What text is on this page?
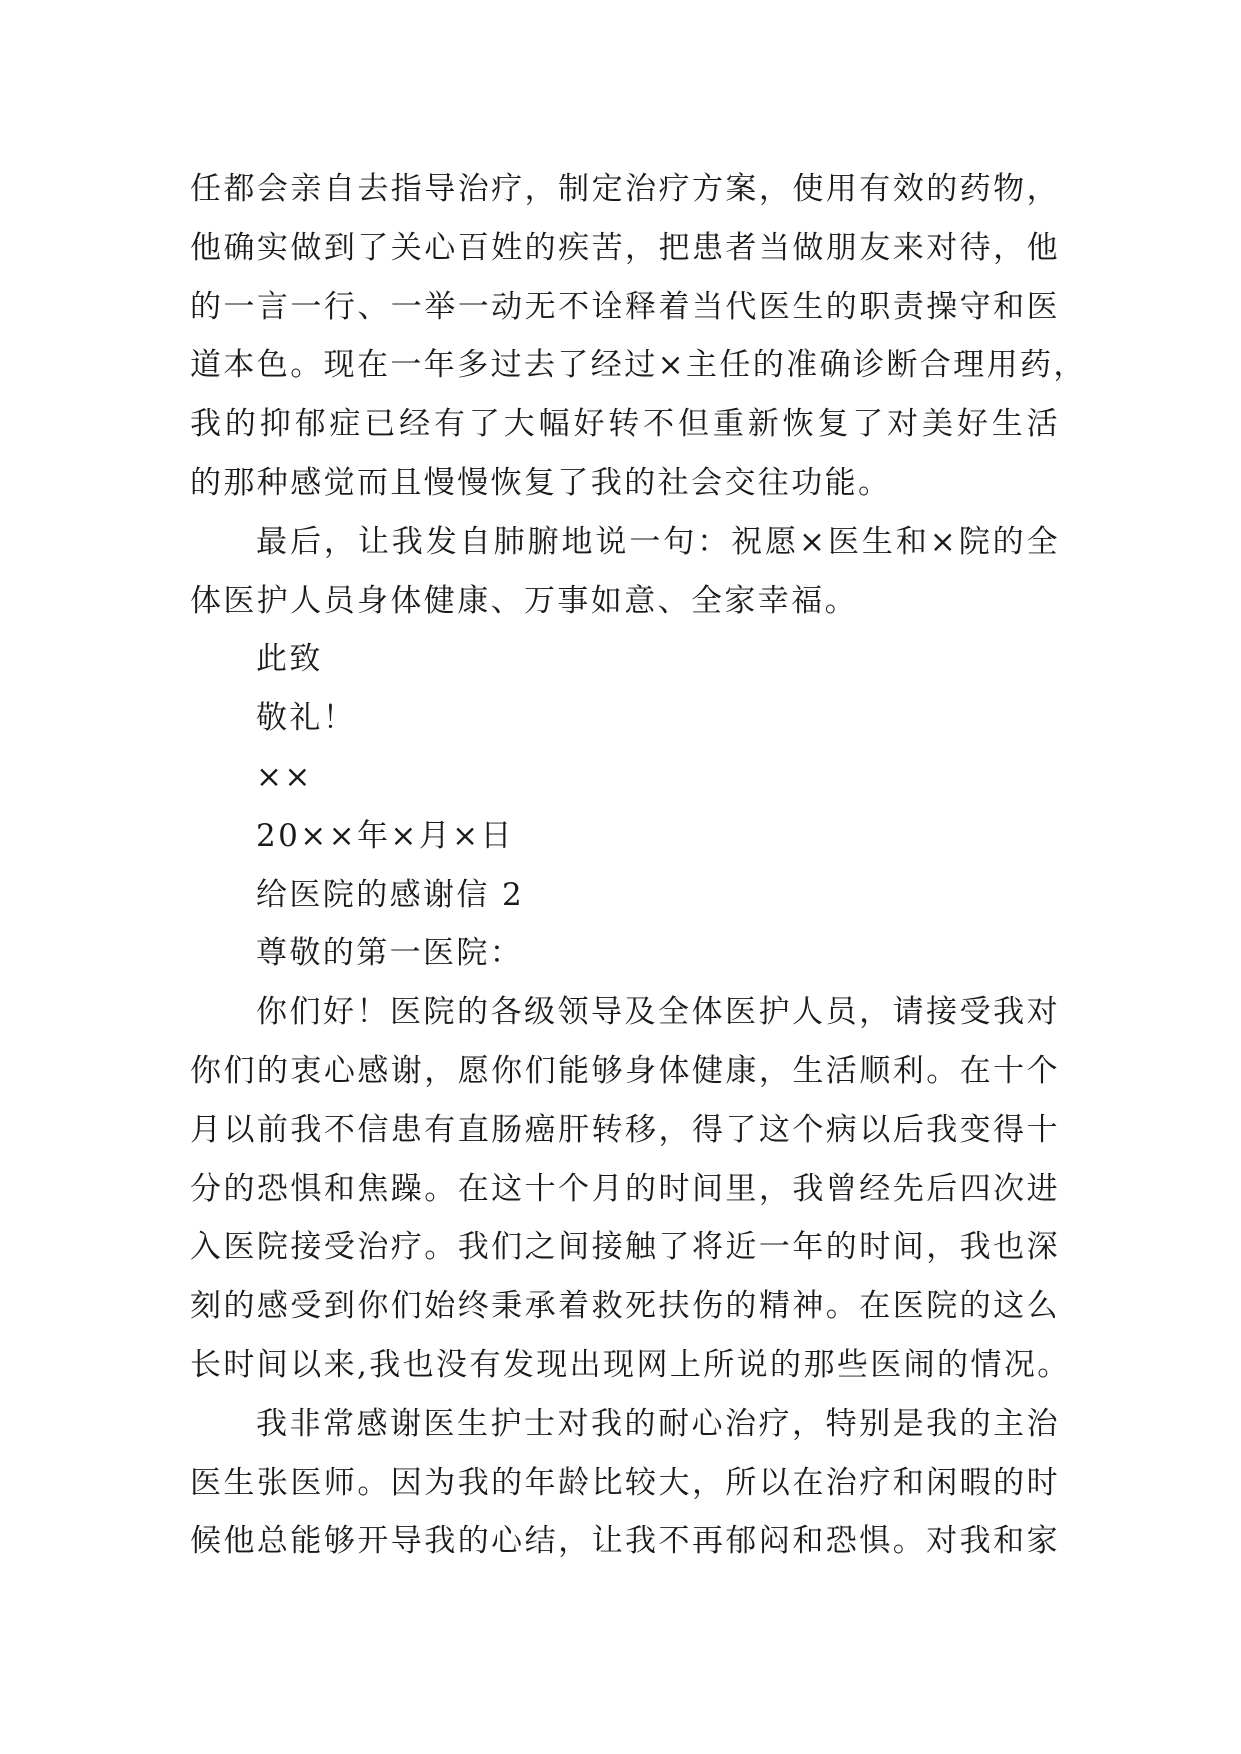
任都会亲自去指导治疗，制定治疗方案，使用有效的药物，
他确实做到了关心百姓的疾苦，把患者当做朋友来对待，他
的一言一行、一举一动无不诠释着当代医生的职责操守和医
道本色。现在一年多过去了经过×主任的准确诊断合理用药，
我的抑郁症已经有了大幅好转不但重新恢复了对美好生活
的那种感觉而且慢慢恢复了我的社会交往功能。
最后，让我发自肺腑地说一句：祝愿×医生和×院的全
体医护人员身体健康、万事如意、全家幸福。
此致
敬礼！
××
20××年×月×日
给医院的感谢信 2
尊敬的第一医院：
你们好！医院的各级领导及全体医护人员，请接受我对
你们的衷心感谢，愿你们能够身体健康，生活顺利。在十个
月以前我不信患有直肠癌肝转移，得了这个病以后我变得十
分的恐惧和焦躁。在这十个月的时间里，我曾经先后四次进
入医院接受治疗。我们之间接触了将近一年的时间，我也深
刻的感受到你们始终秉承着救死扶伤的精神。在医院的这么
长时间以来,我也没有发现出现网上所说的那些医闹的情况。
我非常感谢医生护士对我的耐心治疗，特别是我的主治
医生张医师。因为我的年龄比较大，所以在治疗和闲暇的时
候他总能够开导我的心结，让我不再郁闷和恐惧。对我和家
